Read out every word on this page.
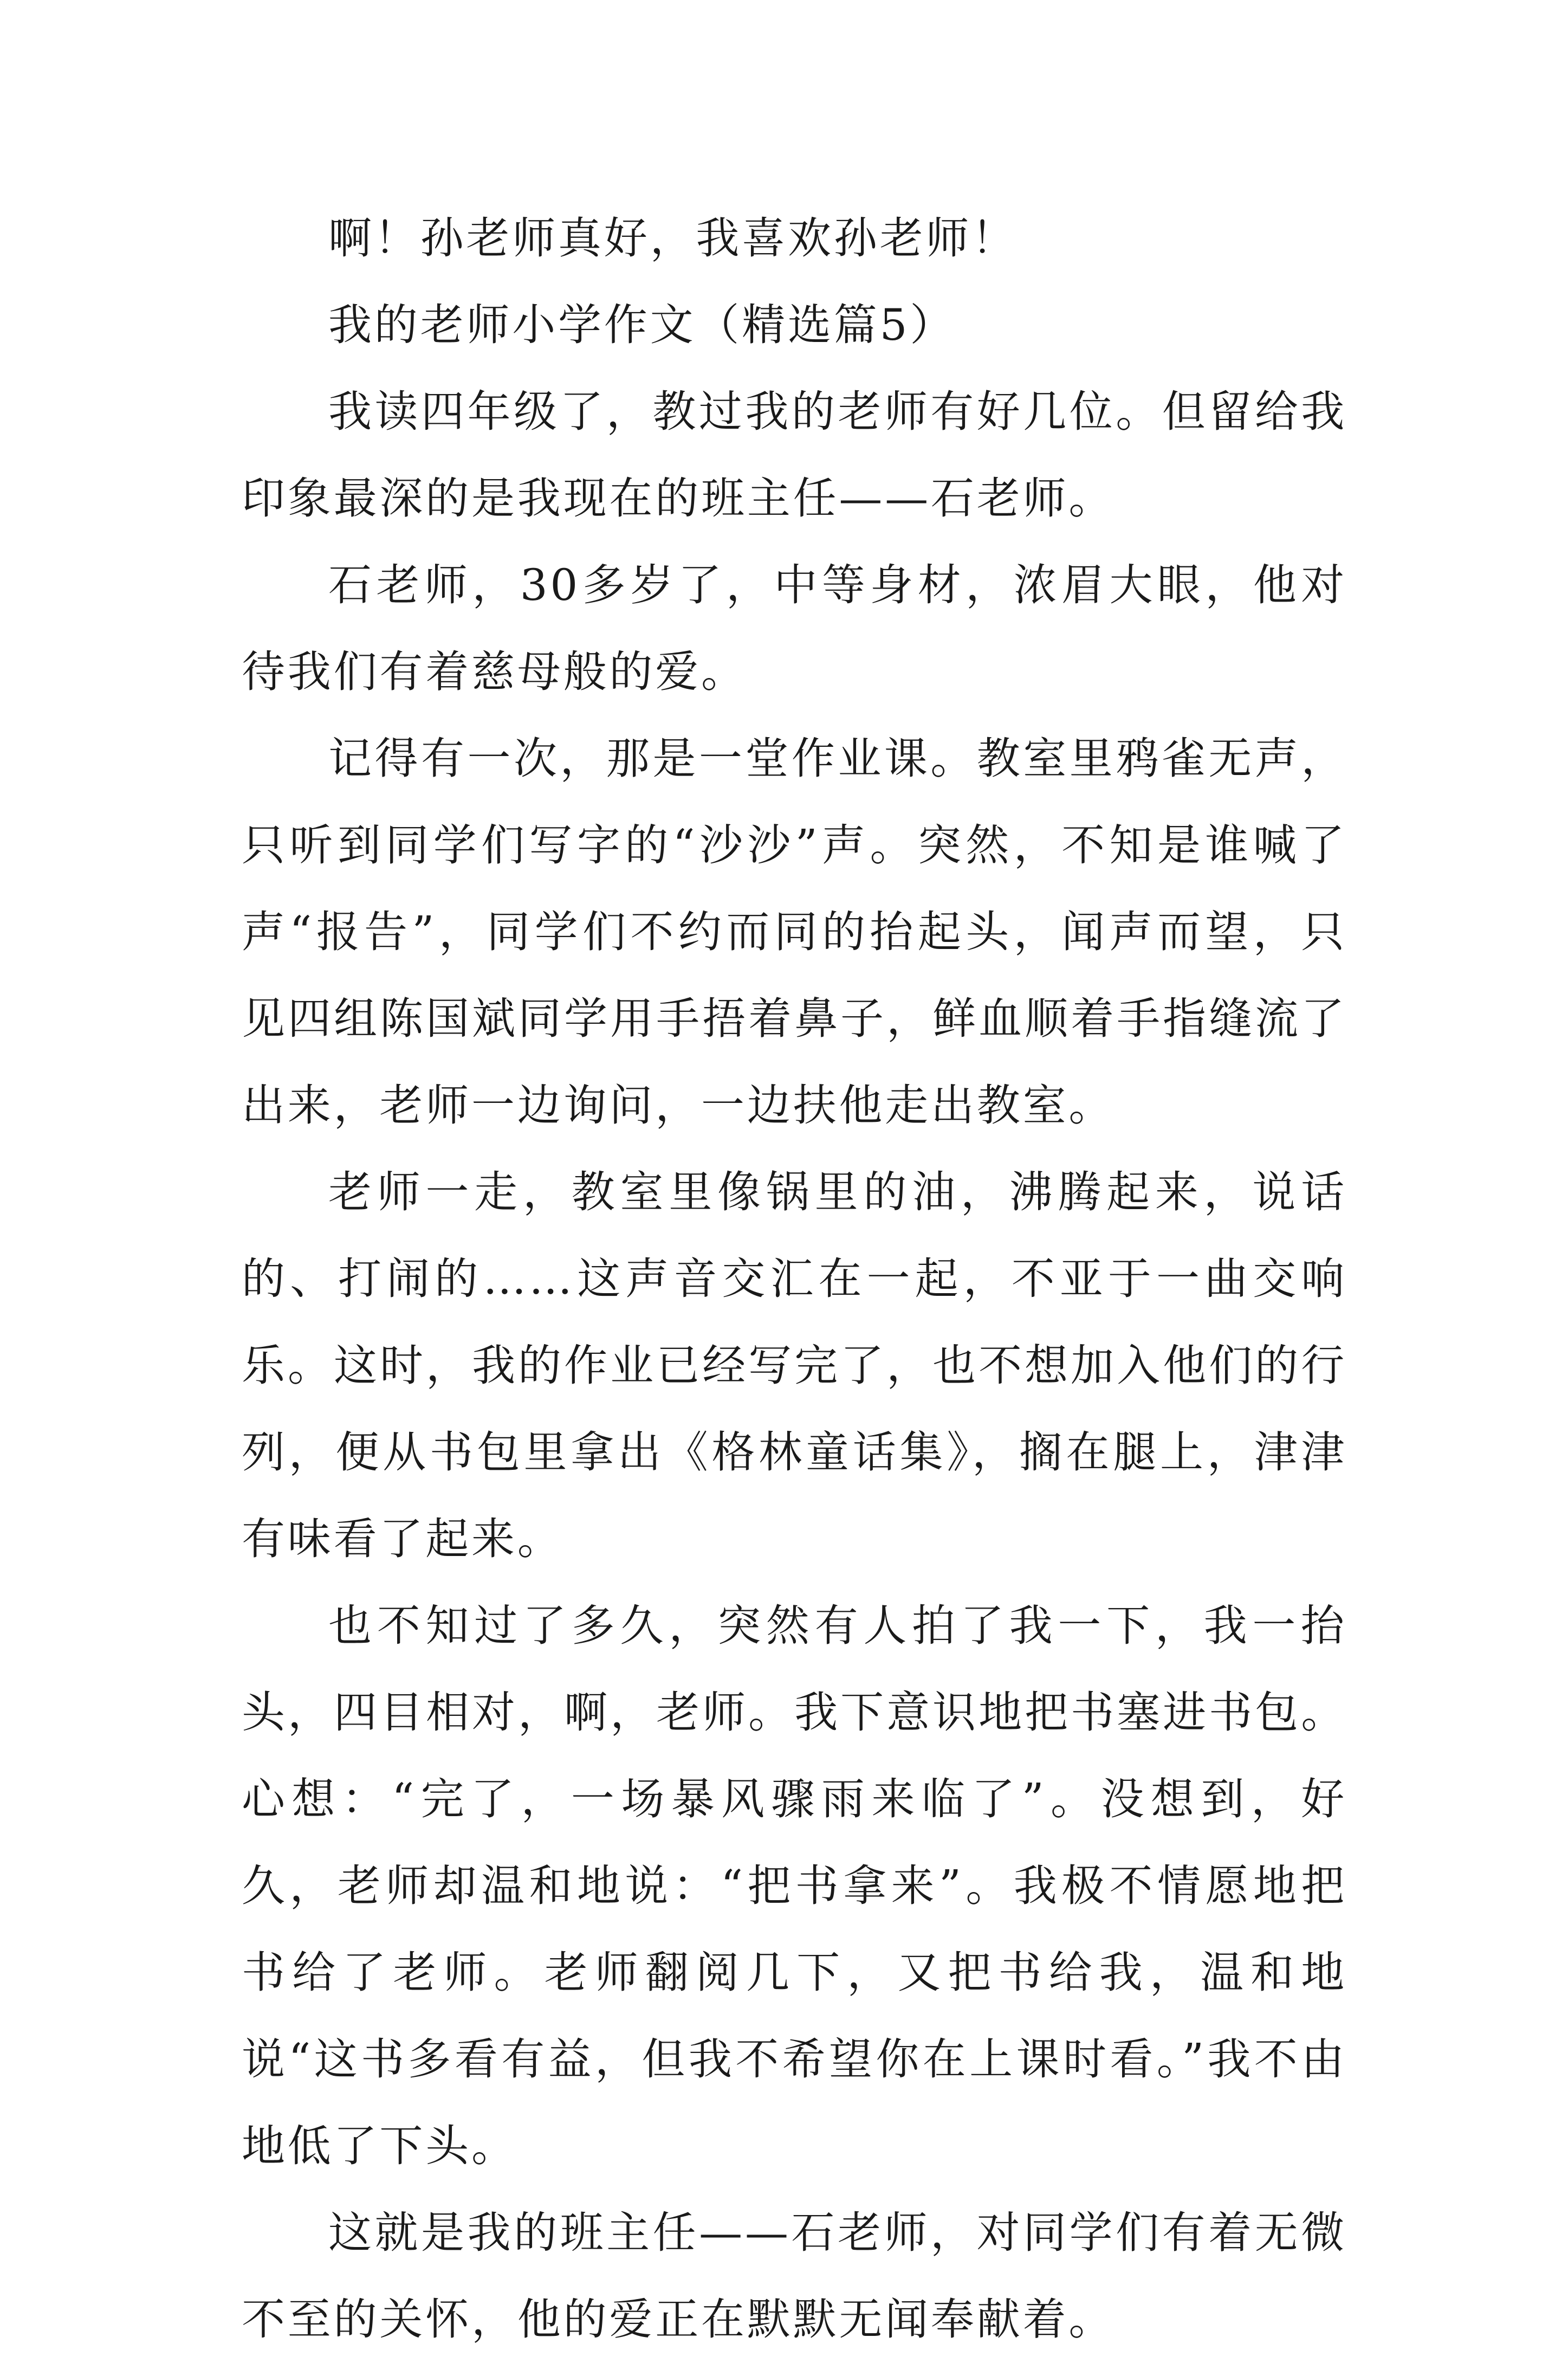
啊！孙老师真好，我喜欢孙老师！

我的老师小学作文（精选篇5）

我读四年级了，教过我的老师有好几位。但留给我印象最深的是我现在的班主任——石老师。

石老师，30多岁了，中等身材，浓眉大眼，他对待我们有着慈母般的爱。

记得有一次，那是一堂作业课。教室里鸦雀无声，只听到同学们写字的“沙沙”声。突然，不知是谁喊了声“报告”，同学们不约而同的抬起头，闻声而望，只见四组陈国斌同学用手捂着鼻子，鲜血顺着手指缝流了出来，老师一边询问，一边扶他走出教室。

老师一走，教室里像锅里的油，沸腾起来，说话的、打闹的……这声音交汇在一起，不亚于一曲交响乐。这时，我的作业已经写完了，也不想加入他们的行列，便从书包里拿出《格林童话集》，搁在腿上，津津有味看了起来。

也不知过了多久，突然有人拍了我一下，我一抬头，四目相对，啊，老师。我下意识地把书塞进书包。心想：“完了，一场暴风骤雨来临了”。没想到，好久，老师却温和地说：“把书拿来”。我极不情愿地把书给了老师。老师翻阅几下，又把书给我，温和地说“这书多看有益，但我不希望你在上课时看。”我不由地低了下头。

这就是我的班主任——石老师，对同学们有着无微不至的关怀，他的爱正在默默无闻奉献着。
